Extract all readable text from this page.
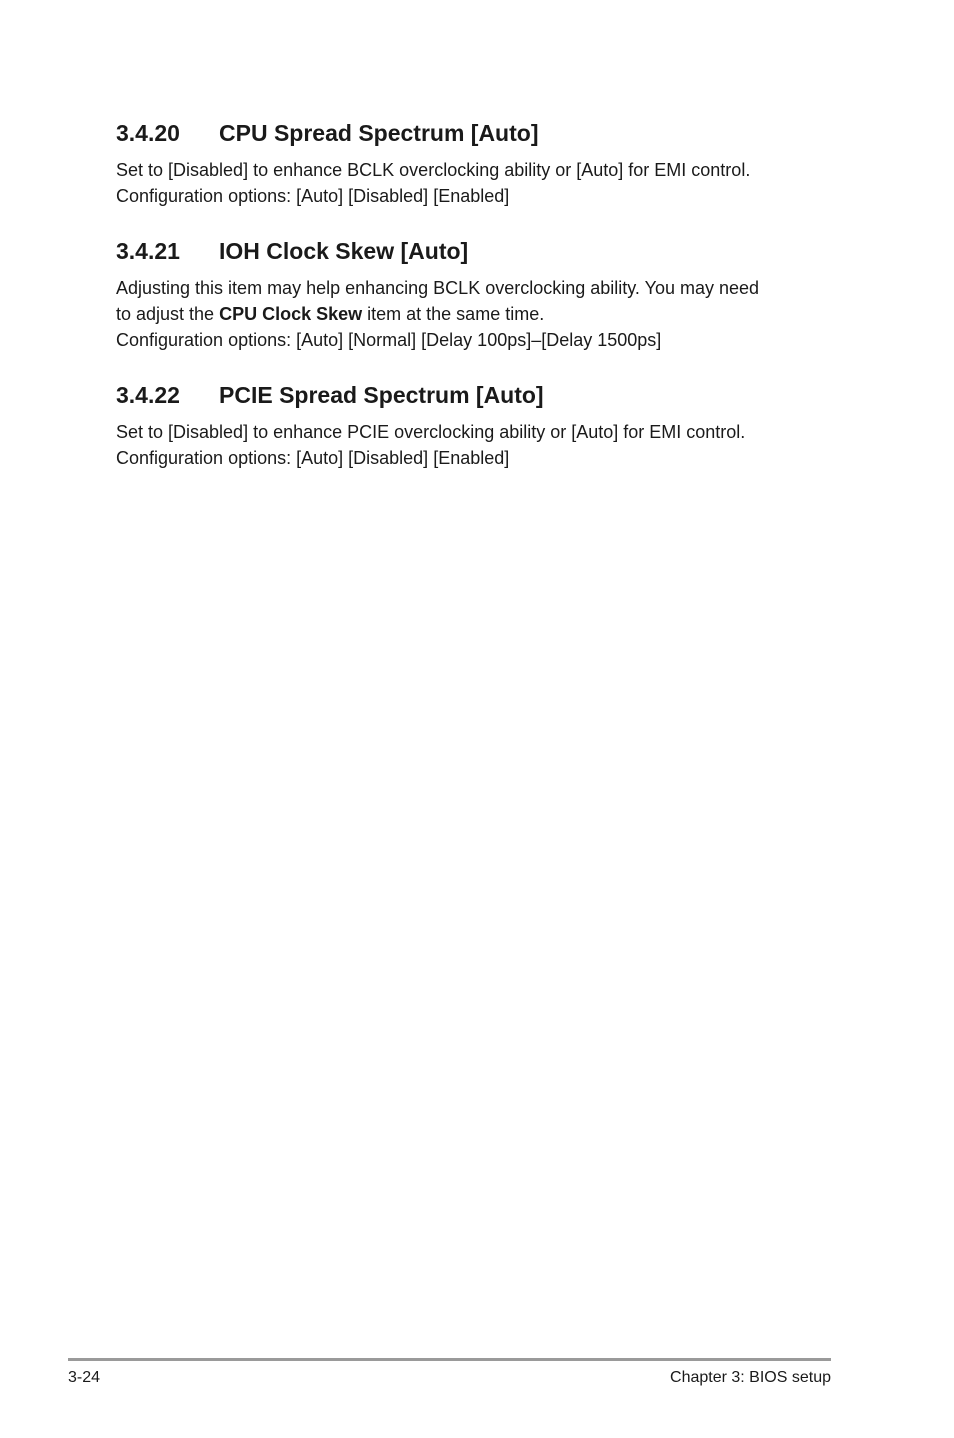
3.4.20 CPU Spread Spectrum [Auto]

Set to [Disabled] to enhance BCLK overclocking ability or [Auto] for EMI control.

Configuration options: [Auto] [Disabled] [Enabled]

3.4.21 IOH Clock Skew [Auto]

Adjusting this item may help enhancing BCLK overclocking ability. You may need

to adjust the CPU Clock Skew item at the same time.

Configuration options: [Auto] [Normal] [Delay 100ps]–[Delay 1500ps]

3.4.22 PCIE Spread Spectrum [Auto]

Set to [Disabled] to enhance PCIE overclocking ability or [Auto] for EMI control.

Configuration options: [Auto] [Disabled] [Enabled]

3-24	Chapter 3: BIOS setup
